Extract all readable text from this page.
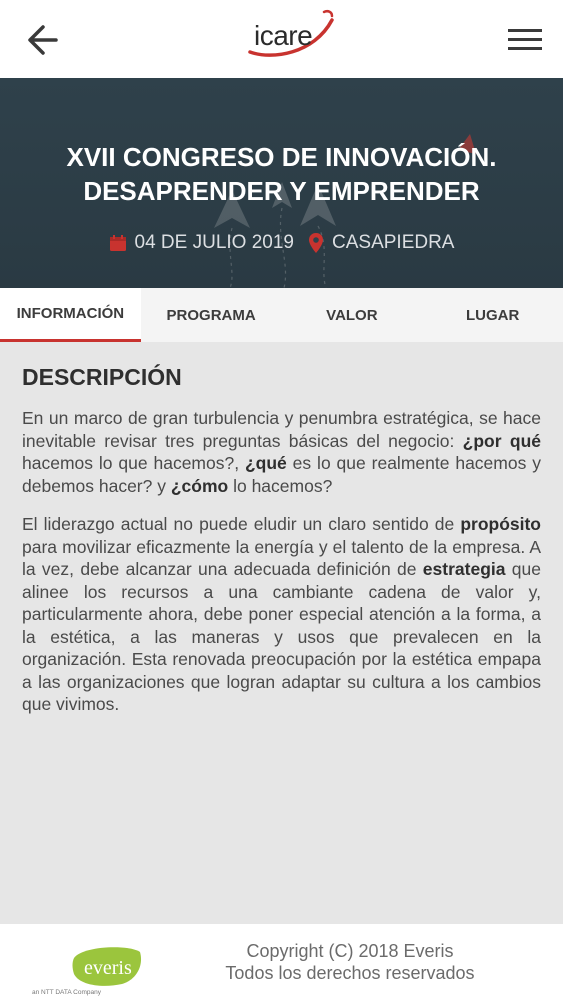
icare
XVII CONGRESO DE INNOVACIÓN.
DESAPRENDER Y EMPRENDER
04 DE JULIO 2019 CASAPIEDRA
INFORMACIÓN	PROGRAMA	VALOR	LUGAR
DESCRIPCIÓN

En un marco de gran turbulencia y penumbra estratégica, se hace inevitable revisar tres preguntas básicas del negocio: ¿por qué hacemos lo que hacemos?, ¿qué es lo que realmente hacemos y debemos hacer? y ¿cómo lo hacemos?

El liderazgo actual no puede eludir un claro sentido de propósito para movilizar eficazmente la energía y el talento de la empresa. A la vez, debe alcanzar una adecuada definición de estrategia que alinee los recursos a una cambiante cadena de valor y, particularmente ahora, debe poner especial atención a la forma, a la estética, a las maneras y usos que prevalecen en la organización. Esta renovada preocupación por la estética empapa a las organizaciones que logran adaptar su cultura a los cambios que vivimos.

everis
an NTT DATA Company
Copyright (C) 2018 Everis
Todos los derechos reservados
